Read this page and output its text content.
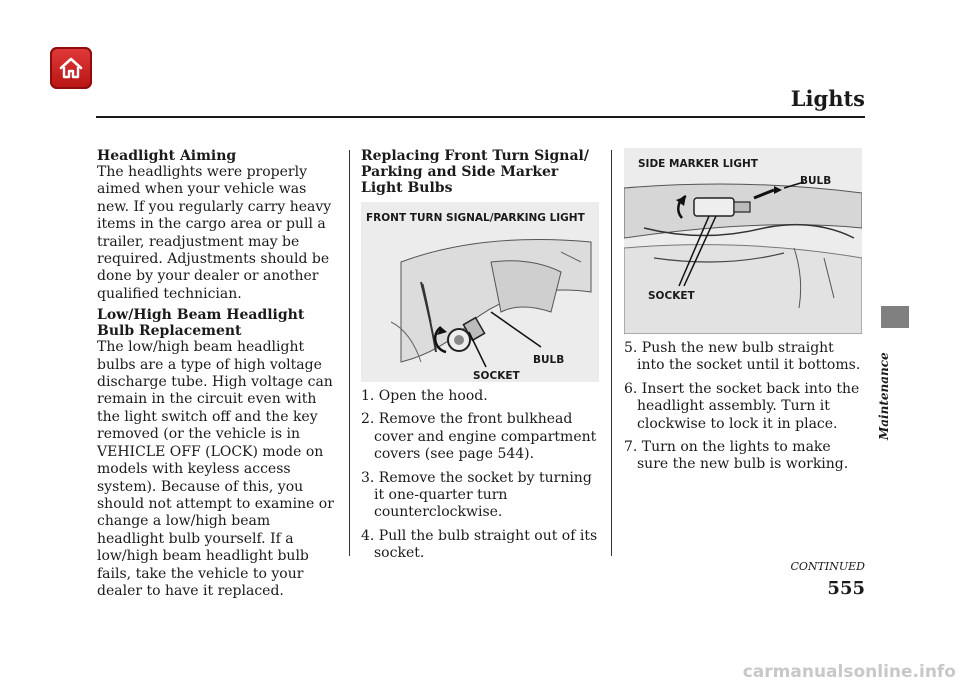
Lights
Headlight Aiming

The headlights were properly aimed when your vehicle was new. If you regularly carry heavy items in the cargo area or pull a trailer, readjustment may be required. Adjustments should be done by your dealer or another qualified technician.

Low/High Beam Headlight Bulb Replacement

The low/high beam headlight bulbs are a type of high voltage discharge tube. High voltage can remain in the circuit even with the light switch off and the key removed (or the vehicle is in VEHICLE OFF (LOCK) mode on models with keyless access system). Because of this, you should not attempt to examine or change a low/high beam headlight bulb yourself. If a low/high beam headlight bulb fails, take the vehicle to your dealer to have it replaced.

Replacing Front Turn Signal/ Parking and Side Marker Light Bulbs
FRONT TURN SIGNAL/PARKING LIGHT
BULB
SOCKET
1. Open the hood.
2. Remove the front bulkhead cover and engine compartment covers (see page 544).
3. Remove the socket by turning it one-quarter turn counterclockwise.
4. Pull the bulb straight out of its socket.
SIDE MARKER LIGHT
BULB
SOCKET
5. Push the new bulb straight into the socket until it bottoms.
6. Insert the socket back into the headlight assembly. Turn it clockwise to lock it in place.
7. Turn on the lights to make sure the new bulb is working.
Maintenance
CONTINUED
555
carmanualsonline.info
